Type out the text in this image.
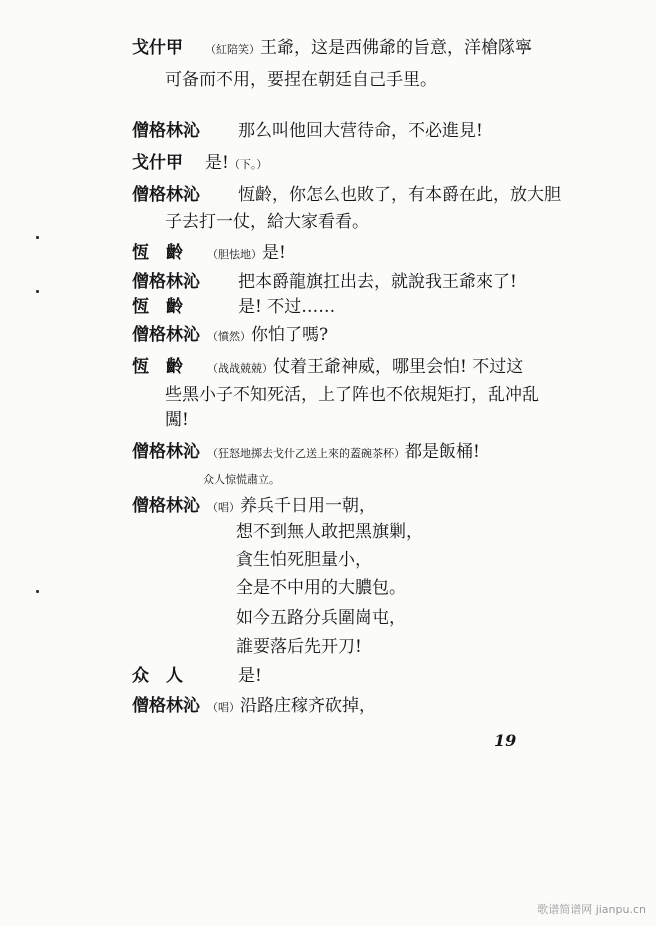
戈什甲 （紅陪笑）王爺，这是西佛爺的旨意，洋槍隊寧
可备而不用，要捏在朝廷自己手里。
僧格林沁 那么叫他回大营待命，不必進見!
戈什甲 是!（下。）
僧格林沁 恆齡，你怎么也敗了，有本爵在此，放大胆
子去打一仗，給大家看看。
恆　齡 （胆怯地）是!
僧格林沁 把本爵龍旗扛出去，就說我王爺來了!
恆　齡	是! 不过……
僧格林沁 （憤然）你怕了嗎?
恆　齡 （战战兢兢）仗着王爺神威，哪里会怕! 不过这
些黑小子不知死活，上了阵也不依規矩打，乱冲乱
闖!
僧格林沁 （狂怒地掷去戈什乙送上來的蓋碗茶杯）都是飯桶!
众人惊慌肅立。
僧格林沁 （唱）养兵千日用一朝，
想不到無人敢把黑旗剿，
貪生怕死胆量小，
全是不中用的大膿包。
如今五路分兵圍崗屯，
誰要落后先开刀!
众　人	是!
僧格林沁 （唱）沿路庄稼齐砍掉，
19
歌谱简谱网 jianpu.cn
